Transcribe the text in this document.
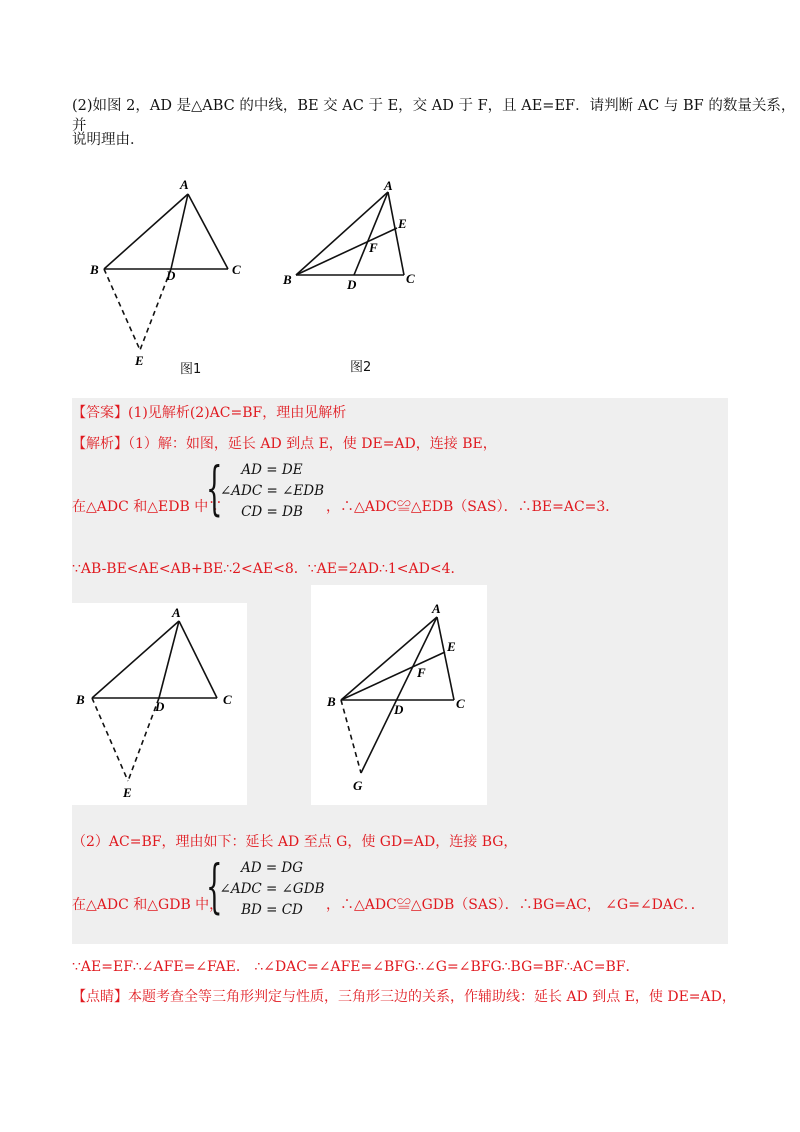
(2)如图 2，AD 是△ABC 的中线，BE 交 AC 于 E，交 AD 于 F，且 AE=EF．请判断 AC 与 BF 的数量关系，并
说明理由．
A
B	C
D
E
图1
A
E
F
B	D	C
图2
【答案】(1)见解析(2)AC=BF，理由见解析
【解析】（1）解：如图，延长 AD 到点 E，使 DE=AD，连接 BE，
在△ADC 和△EDB 中∵
{	AD = DE
∠ADC = ∠EDB
CD = DB	，∴△ADC≌△EDB（SAS）．∴BE=AC=3．
∵AB-BE<AE<AB+BE∴2<AE<8．∵AE=2AD∴1<AD<4．
A
B	C
D
E
A
E
F
B
D	C
G
（2）AC=BF，理由如下：延长 AD 至点 G，使 GD=AD，连接 BG，
在△ADC 和△GDB 中，
{	AD = DG
∠ADC = ∠GDB
BD = CD	，∴△ADC≌△GDB（SAS）．∴BG=AC， ∠G=∠DAC．．
∵AE=EF∴∠AFE=∠FAE． ∴∠DAC=∠AFE=∠BFG∴∠G=∠BFG∴BG=BF∴AC=BF．
【点睛】本题考查全等三角形判定与性质，三角形三边的关系，作辅助线：延长 AD 到点 E，使 DE=AD，
